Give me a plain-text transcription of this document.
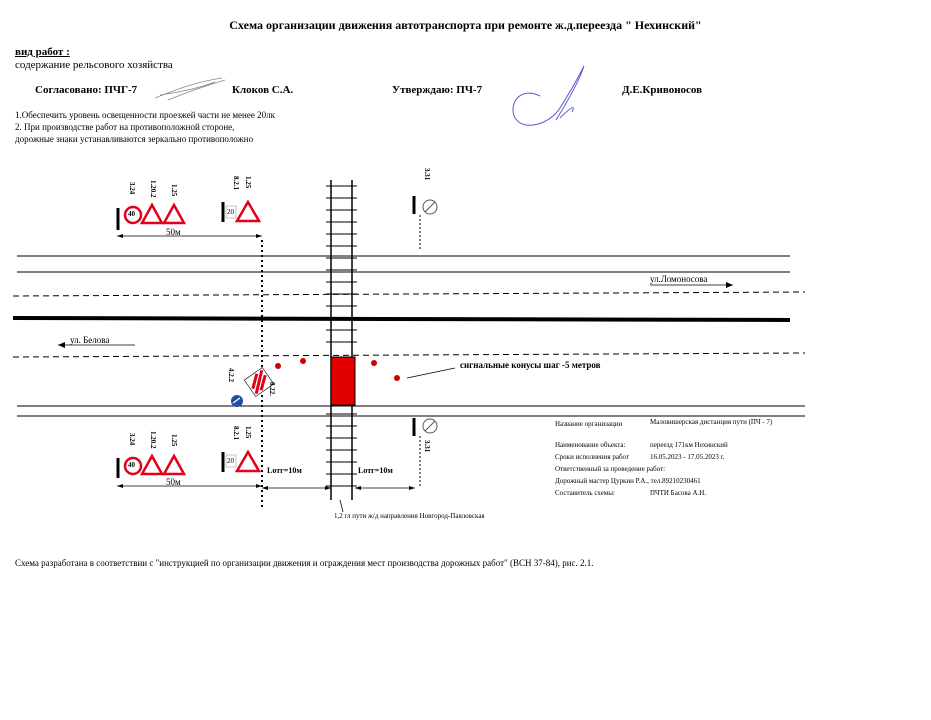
Схема организации движения автотранспорта при ремонте ж.д.переезда " Нехинский"
вид работ :
содержание рельсового хозяйства
Согласовано: ПЧГ-7	Клоков С.А.	Утверждаю: ПЧ-7	Д.Е.Кривоносов
1.Обеспечить уровень освещенности проезжей части не менее 20лк
2. При производстве работ на противоположной стороне,
дорожные знаки устанавливаются зеркально противоположно
40
40
20
20
3.24 1.20.2 1.25
8.2.1 1.25
3.31
3.24 1.20.2 1.25
8.2.1 1.25
3.31
4.2.2
8.22.
50м
50м
Lотг=10м	Lотг=10м
1,2 гл пути ж/д направления Новгород-Павловская
ул.Ломоносова
ул. Белова
сигнальные конусы шаг -5 метров
Название организации	Маловишерская дистанция пути (ПЧ - 7)
Наименование объекта:	переезд 171км Нехинский
Сроки исполнения работ	16.05.2023 - 17.05.2023 г.
Ответственный за проведение работ:
Дорожный мастер Цуркин Р.А., тел.89210230461
Составитель схемы:	ПЧТИ Басова А.Н.
Схема разработана в соответствии с "инструкцией по организации движения и ограждения мест производства дорожных работ" (ВСН 37-84), рис. 2.1.
